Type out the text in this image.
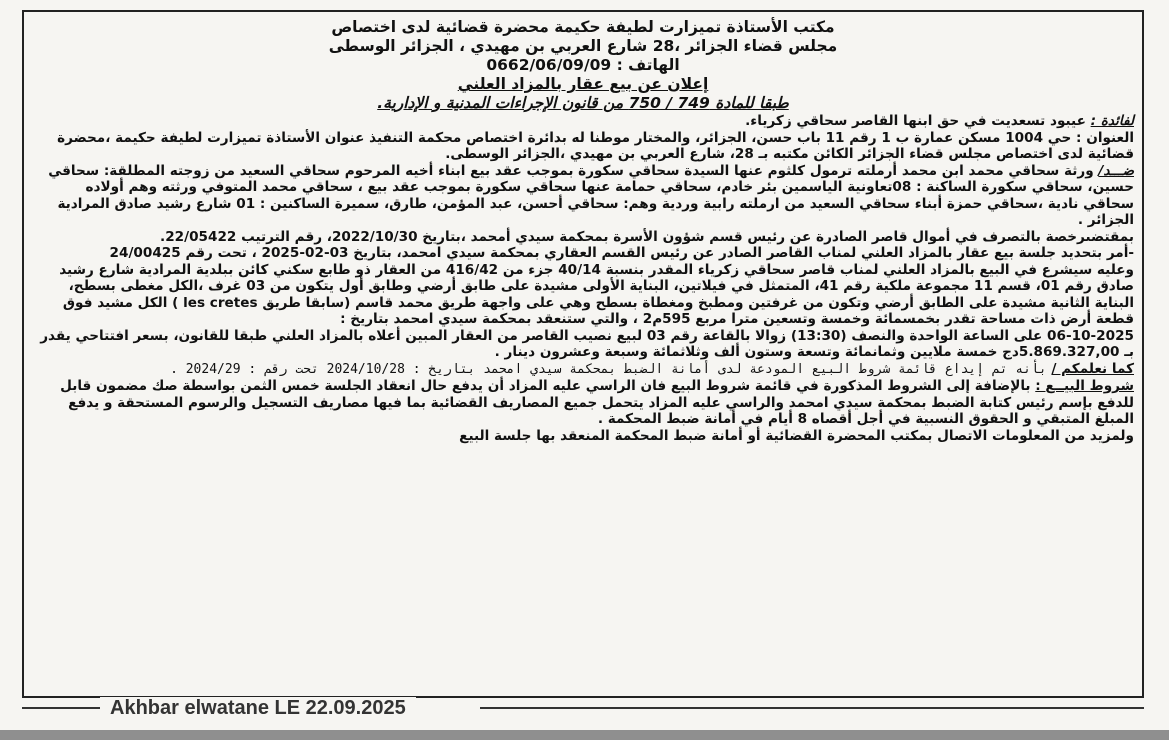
مكتب الأستاذة تميزارت لطيفة حكيمة محضرة قضائية لدى اختصاص

مجلس قضاء الجزائر ،28 شارع العربي بن مهيدي ، الجزائر الوسطى

الهاتف : 0662/06/09/09

إعلان عن بيع عقار بالمزاد العلني

طبقا للمادة 749 / 750 من قانون الإجراءات المدنية و الإدارية.

لفائدة : عيبود تسعديت في حق ابنها القاصر سحاقي زكرياء.

العنوان : حي 1004 مسكن عمارة ب 1 رقم 11 باب حسن، الجزائر، والمختار موطنا له بدائرة اختصاص محكمة التنفيذ عنوان الأستاذة تميزارت لطيفة حكيمة ،محضرة قضائية لدى اختصاص مجلس قضاء الجزائر الكائن مكتبه بـ 28، شارع العربي بن مهيدي ،الجزائر الوسطى.

ضـــد/ ورثة سحاقي محمد ابن محمد أرملته ترمول كلثوم عنها السيدة سحاقي سكورة بموجب عقد بيع ابناء أخيه المرحوم سحاقي السعيد من زوجته المطلقة: سحاقي حسين، سحاقي سكورة الساكنة : 08تعاونية الياسمين بئر خادم، سحاقي حمامة عنها سحاقي سكورة بموجب عقد بيع ، سحاقي محمد المتوفي ورثته وهم أولاده سحاقي نادية ،سحاقي حمزة أبناء سحاقي السعيد من ارملته رابية وردية وهم: سحاقي أحسن، عبد المؤمن، طارق، سميرة الساكنين : 01 شارع رشيد صادق المرادية الجزائر .

بمقتضىرخصة بالتصرف في أموال قاصر الصادرة عن رئيس قسم شؤون الأسرة بمحكمة سيدي أمحمد ،بتاريخ 2022/10/30، رقم الترتيب 22/05422.

-أمر بتحديد جلسة بيع عقار بالمزاد العلني لمناب القاصر الصادر عن رئيس القسم العقاري بمحكمة سيدي امحمد، بتاريخ 03-02-2025 ، تحت رقم 24/00425

وعليه سيشرع في البيع بالمزاد العلني لمناب قاصر سحاقي زكرياء المقدر بنسبة 40/14 جزء من 416/42 من العقار ذو طابع سكني كائن ببلدية المرادية شارع رشيد صادق رقم 01، قسم 11 مجموعة ملكية رقم 41، المتمثل في فيلاتين، البناية الأولى مشيدة على طابق أرضي وطابق أول يتكون من 03 غرف ،الكل مغطى بسطح، البناية الثانية مشيدة على الطابق أرضي وتكون من غرفتين ومطبخ ومغطاة بسطح وهي على واجهة طريق محمد قاسم (سابقا طريق les cretes ) الكل مشيد فوق قطعة أرض ذات مساحة تقدر بخمسمائة وخمسة وتسعين مترا مربع 595م2 ، والتي ستنعقد بمحكمة سيدي امحمد بتاريخ :

06-10-2025 على الساعة الواحدة والنصف (13:30) زوالا بالقاعة رقم 03 لبيع نصيب القاصر من العقار المبين أعلاه بالمزاد العلني طبقا للقانون، بسعر افتتاحي يقدر بـ 5.869.327,00دج خمسة ملايين وثمانمائة وتسعة وستون ألف وثلاثمائة وسبعة وعشرون دينار .

كما نعلمكم / بأنه تم إيداع قائمة شروط البيع المودعة لدى أمانة الضبط بمحكمة سيدي امحمد بتاريخ : 2024/10/28 تحت رقم : 2024/29 .

شروط البيــع : بالإضافة إلى الشروط المذكورة في قائمة شروط البيع فان الراسي عليه المزاد أن يدفع حال انعقاد الجلسة خمس الثمن بواسطة صك مضمون قابل للدفع بإسم رئيس كتابة الضبط بمحكمة سيدي امحمد والراسي عليه المزاد يتحمل جميع المصاريف القضائية بما فيها مصاريف التسجيل والرسوم المستحقة و يدفع المبلغ المتبقي و الحقوق النسبية في أجل أقصاه 8 أيام في أمانة ضبط المحكمة .

ولمزيد من المعلومات الاتصال بمكتب المحضرة القضائية أو أمانة ضبط المحكمة المنعقد بها جلسة البيع

Akhbar elwatane LE 22.09.2025
